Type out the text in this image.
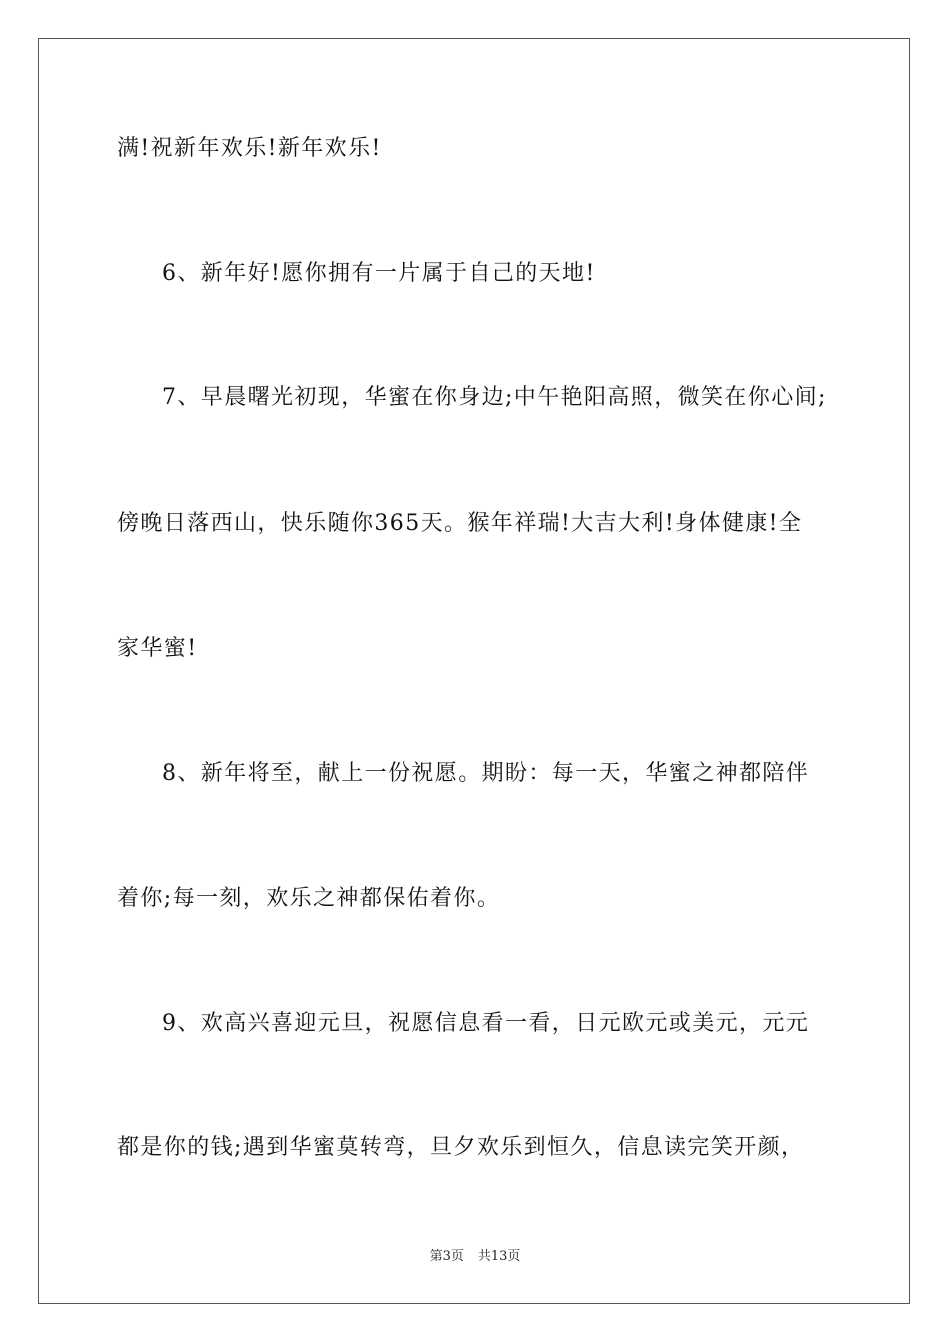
满!祝新年欢乐!新年欢乐!
6、新年好!愿你拥有一片属于自己的天地!
7、早晨曙光初现，华蜜在你身边;中午艳阳高照，微笑在你心间;
傍晚日落西山，快乐随你365天。猴年祥瑞!大吉大利!身体健康!全
家华蜜!
8、新年将至，献上一份祝愿。期盼：每一天，华蜜之神都陪伴
着你;每一刻，欢乐之神都保佑着你。
9、欢高兴喜迎元旦，祝愿信息看一看，日元欧元或美元，元元
都是你的钱;遇到华蜜莫转弯，旦夕欢乐到恒久，信息读完笑开颜，
第3页 共13页
